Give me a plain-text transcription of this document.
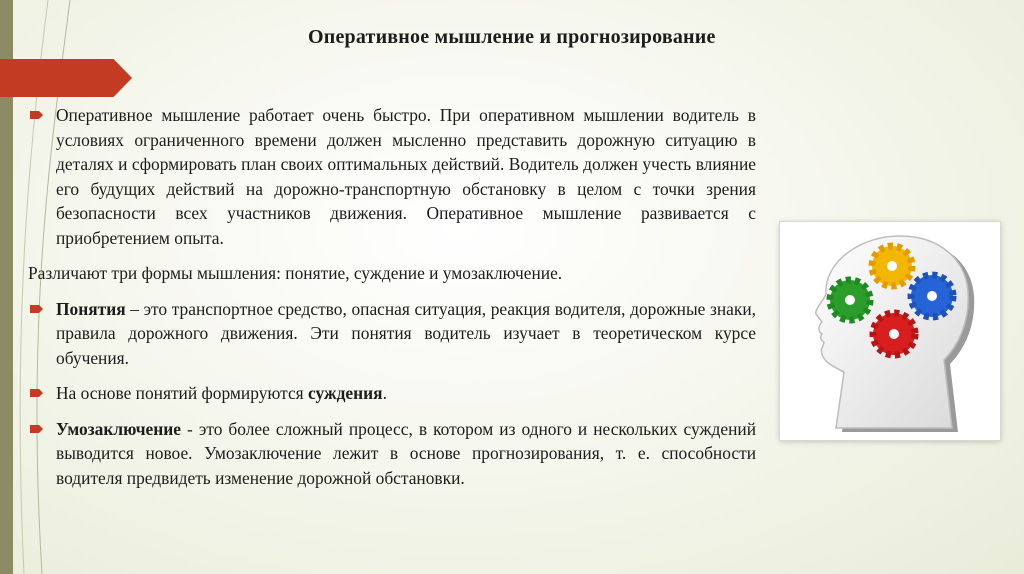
Оперативное мышление и прогнозирование
Оперативное мышление работает очень быстро. При оперативном мышлении водитель в условиях ограниченного времени должен мысленно представить дорожную ситуацию в деталях и сформировать план своих оптимальных действий. Водитель должен учесть влияние его будущих действий на дорожно-транспортную обстановку в целом с точки зрения безопасности всех участников движения. Оперативное мышление развивается с приобретением опыта.
Различают три формы мышления: понятие, суждение и умозаключение.
Понятия – это транспортное средство, опасная ситуация, реакция водителя, дорожные знаки, правила дорожного движения. Эти понятия водитель изучает в теоретическом курсе обучения.
На основе понятий формируются суждения.
Умозаключение - это более сложный процесс, в котором из одного и нескольких суждений выводится новое. Умозаключение лежит в основе прогнозирования, т. е. способности водителя предвидеть изменение дорожной обстановки.
